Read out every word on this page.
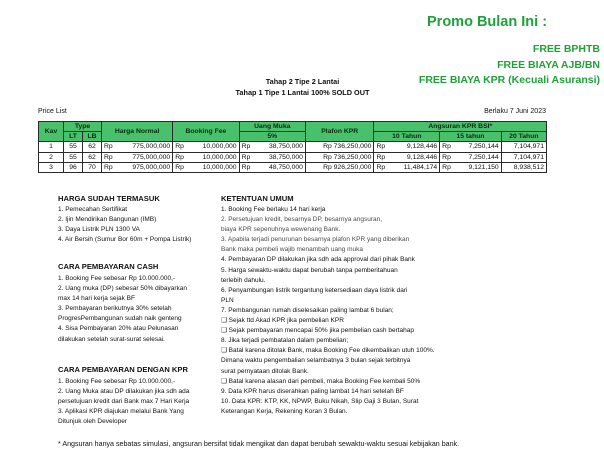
Promo Bulan Ini :
FREE BPHTB
FREE BIAYA AJB/BN
FREE BIAYA KPR (Kecuali Asuransi)
Tahap 2 Tipe 2 Lantai
Tahap 1 Tipe 1 Lantai 100% SOLD OUT
Price List	Berlaku 7 Juni 2023
Kav	Type		Harga Normal		Booking Fee		Uang Muka		Plafon KPR	Angsuran KPR BSI*				
	LT	LB					5%			10 Tahun		15 tahun		20 Tahun
1	55	62	Rp	775,000,000	Rp	10,000,000	Rp	38,750,000	Rp 736,250,000	Rp	9,128,446	Rp	7,250,144	7,104,971
2	55	62	Rp	775,000,000	Rp	10,000,000	Rp	38,750,000	Rp 736,250,000	Rp	9,128,446	Rp	7,250,144	7,104,971
3	96	70	Rp	975,000,000	Rp	10,000,000	Rp	48,750,000	Rp 926,250,000	Rp	11,484,174	Rp	9,121,150	8,938,512
HARGA SUDAH TERMASUK
1. Pemecahan Sertifikat
2. Ijin Mendirikan Bangunan (IMB)
3. Daya Listrik PLN 1300 VA
4. Air Bersih (Sumur Bor 60m + Pompa Listrik)
CARA PEMBAYARAN CASH
1. Booking Fee sebesar Rp 10.000.000,-
2. Uang muka (DP) sebesar 50% dibayarkan
max 14 hari kerja sejak BF
3. Pembayaran berikutnya 30% setelah
ProgresPembangunan sudah naik genteng
4. Sisa Pembayaran 20% atau Pelunasan
dilakukan setelah surat-surat selesai.
CARA PEMBAYARAN DENGAN KPR
1. Booking Fee sebesar Rp 10.000.000,-
2. Uang Muka atau DP dilakukan jika sdh ada
persetujuan kredit dari Bank max 7 Hari Kerja
3. Aplikasi KPR diajukan melalui Bank Yang
Ditunjuk oleh Developer
KETENTUAN UMUM
1. Booking Fee berlaku 14 hari kerja
2. Persetujuan kredit, besarnya DP, besarnya angsuran,
biaya KPR sepenuhnya wewenang Bank.
3. Apabila terjadi penurunan besarnya plafon KPR yang diberikan
Bank maka pembeli wajib menambah uang muka
4. Pembayaran DP dilakukan jika sdh ada approval dari pihak Bank
5. Harga sewaktu-waktu dapat berubah tanpa pemberitahuan
terlebih dahulu.
6. Penyambungan listrik tergantung ketersediaan daya listrik dari
PLN
7. Pembangunan rumah diselesaikan paling lambat 6 bulan;
❑ Sejak ttd Akad KPR jika pembelian KPR
❑ Sejak pembayaran mencapai 50% jika pembelian cash bertahap
8. Jika terjadi pembatalan dalam pembelian;
❑ Batal karena ditolak Bank, maka Booking Fee dikembalikan utuh 100%.
Dimana waktu pengembalian selambatnya 3 bulan sejak terbitnya
surat pernyataan ditolak Bank.
❑ Batal karena alasan dari pembeli, maka Booking Fee kembali 50%
9. Data KPR harus diserahkan paling lambat 14 hari setelah BF
10. Data KPR: KTP, KK, NPWP, Buku Nikah, Slip Gaji 3 Bulan, Surat
Keterangan Kerja, Rekening Koran 3 Bulan.
* Angsuran hanya sebatas simulasi, angsuran bersifat tidak mengikat dan dapat berubah sewaktu-waktu sesuai kebijakan bank.
